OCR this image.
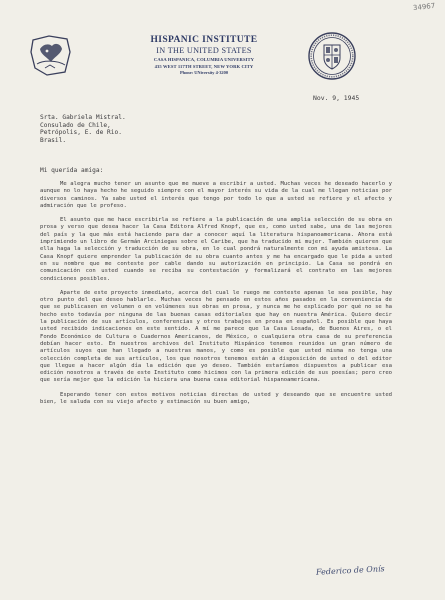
34967
HISPANIC INSTITUTE
IN THE UNITED STATES
CASA HISPANICA, COLUMBIA UNIVERSITY
435 WEST 117TH STREET, NEW YORK CITY
Phone: UNiversity 4-3200
Nov. 9, 1945
Srta. Gabriela Mistral.
Consulado de Chile,
Petrópolis, E. de Rio.
Brasil.
Mi querida amiga:

Me alegra mucho tener un asunto que me mueve a escribir a usted. Muchas veces he deseado hacerlo y aunque no lo haya hecho he seguido siempre con el mayor interés su vida de la cual me llegan noticias por diversos caminos. Ya sabe usted el interés que tengo por todo lo que a usted se refiere y el afecto y admiración que le profeso.

El asunto que me hace escribirla se refiere a la publicación de una amplia selección de su obra en prosa y verso que desea hacer la Casa Editora Alfred Knopf, que es, como usted sabe, una de las mejores del país y la que más está haciendo para dar a conocer aquí la literatura hispanoamericana. Ahora está imprimiendo un libro de Germán Arciniegas sobre el Caribe, que ha traducido mi mujer. También quieren que ella haga la selección y traducción de su obra, en lo cual pondrá naturalmente con mi ayuda amistosa. La Casa Knopf quiere emprender la publicación de su obra cuanto antes y me ha encargado que le pida a usted en su nombre que me conteste por cable dando su autorización en principio. La Casa se pondrá en comunicación con usted cuando se reciba su contestación y formalizará el contrato en las mejores condiciones posibles.

Aparte de este proyecto inmediato, acerca del cual le ruego me conteste apenas le sea posible, hay otro punto del que deseo hablarle. Muchas veces he pensado en estos años pasados en la conveniencia de que se publicasen en volumen o en volúmenes sus obras en prosa, y nunca me he explicado por qué no se ha hecho esto todavía por ninguna de las buenas casas editoriales que hay en nuestra América. Quiero decir la publicación de sus artículos, conferencias y otros trabajos en prosa en español. Es posible que haya usted recibido indicaciones en este sentido. A mí me parece que la Casa Losada, de Buenos Aires, o el Fondo Económico de Cultura o Cuadernos Americanos, de México, o cualquiera otra casa de su preferencia debían hacer esto. En nuestros archivos del Instituto Hispánico tenemos reunidos un gran número de artículos suyos que han llegado a nuestras manos, y como es posible que usted misma no tenga una colección completa de sus artículos, los que nosotros tenemos están a disposición de usted o del editor que llegue a hacer algún día la edición que yo deseo. También estaríamos dispuestos a publicar esa edición nosotros a través de este Instituto como hicimos con la primera edición de sus poesías; pero creo que sería mejor que la edición la hiciera una buena casa editorial hispanoamericana.

Esperando tener con estos motivos noticias directas de usted y deseando que se encuentre usted bien, le saluda con su viejo afecto y estimación su buen amigo,

Federico de Onís
